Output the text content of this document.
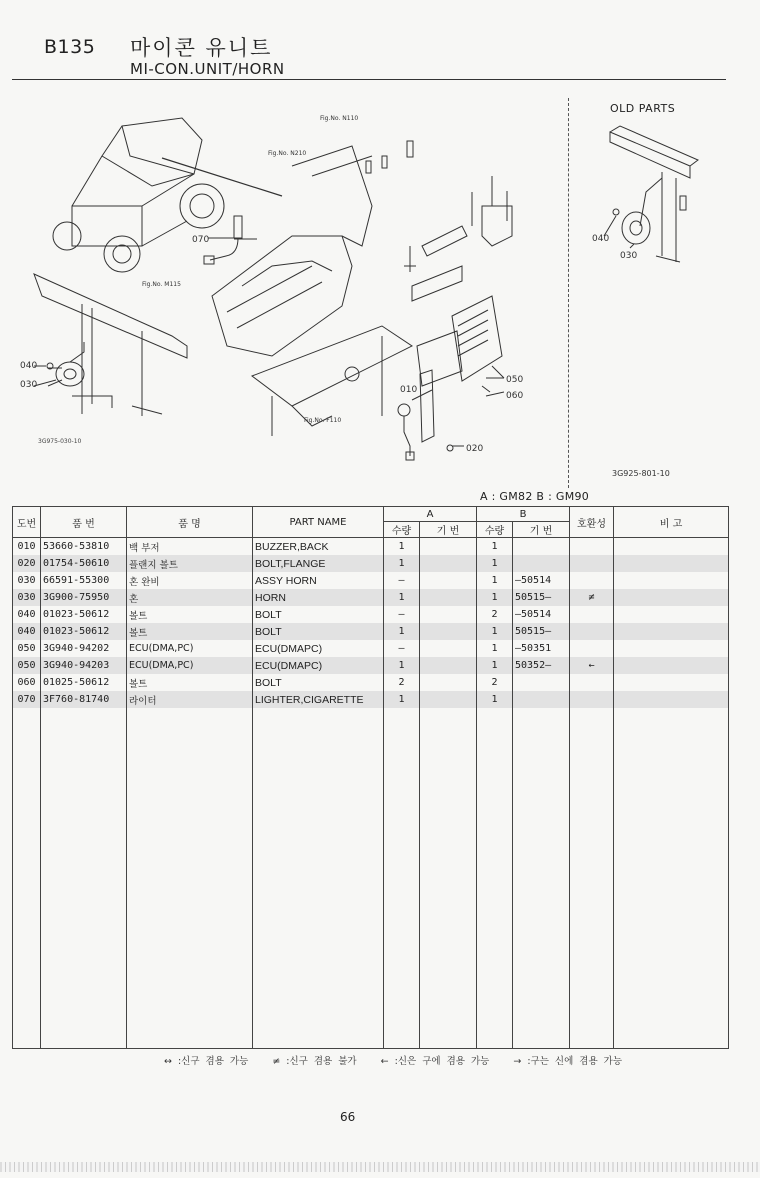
B135 마이콘 유니트
MI-CON.UNIT/HORN
Fig.No. N110
Fig.No. N210
Fig.No. M115
Fig.No. F110
070
040
030	010
050
060
020
3G975-030-10
OLD PARTS
040
030
3G925-801-10
A : GM82 B : GM90
도번	품 번	품 명	PART NAME	A		B		호환성	비 고
				수량	기 번	수량	기 번		
010	53660-53810	백 부저	BUZZER,BACK	1		1			
020	01754-50610	플랜지 볼트	BOLT,FLANGE	1		1			
030	66591-55300	혼 완비	ASSY HORN	–		1	–50514		
030	3G900-75950	혼	HORN	1		1	50515–	≠	
040	01023-50612	볼트	BOLT	–		2	–50514		
040	01023-50612	볼트	BOLT	1		1	50515–		
050	3G940-94202	ECU(DMA,PC)	ECU(DMAPC)	–		1	–50351		
050	3G940-94203	ECU(DMA,PC)	ECU(DMAPC)	1		1	50352–	←	
060	01025-50612	볼트	BOLT	2		2			
070	3F760-81740	라이터	LIGHTER,CIGARETTE	1		1			

↔ :신구 겸용 가능	≠ :신구 겸용 불가	← :신은 구에 겸용 가능	→ :구는 신에 겸용 가능
66
